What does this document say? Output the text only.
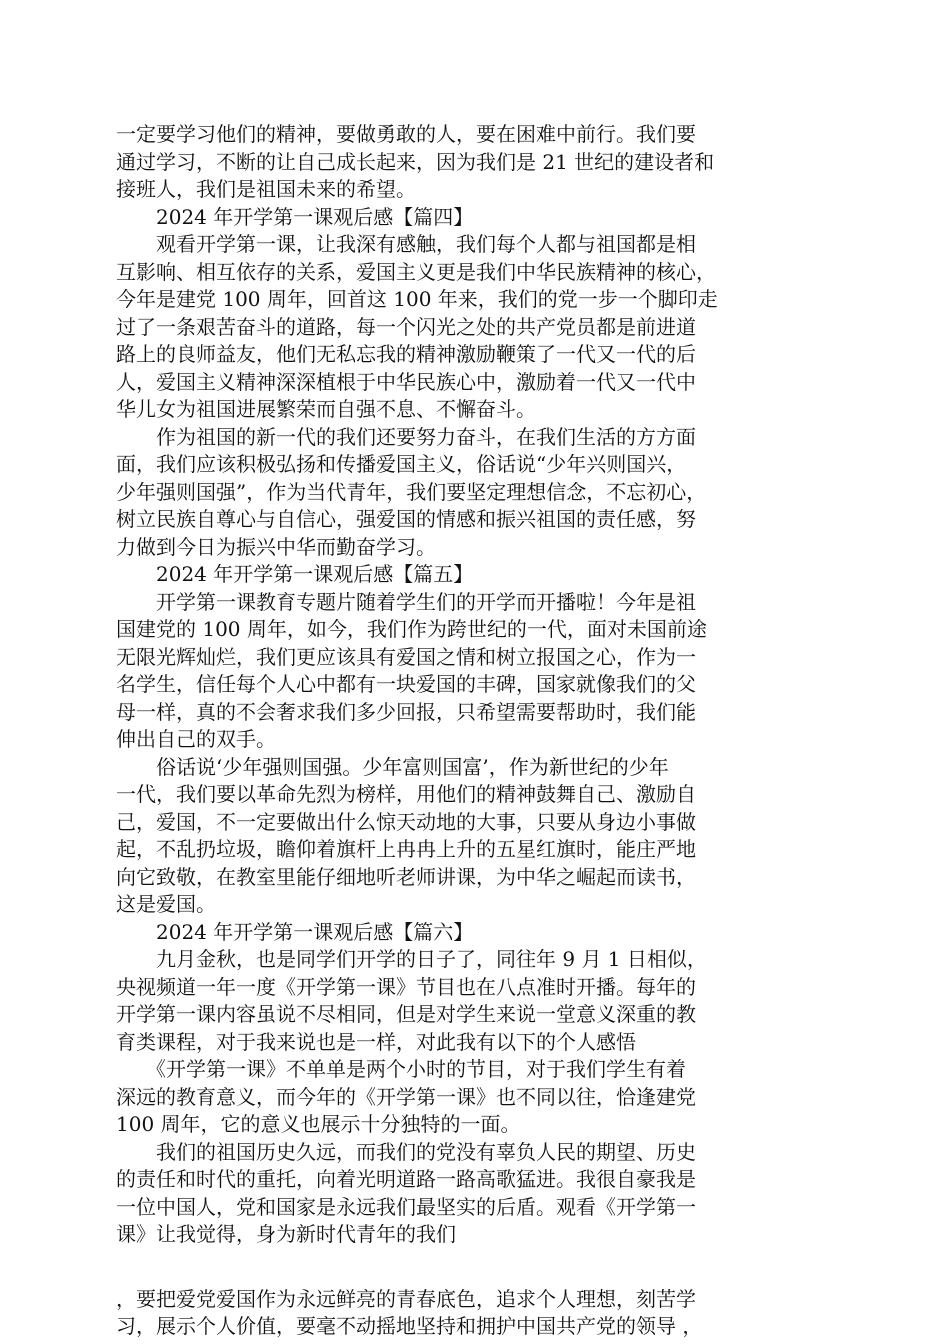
一定要学习他们的精神，要做勇敢的人，要在困难中前行。我们要
通过学习，不断的让自己成长起来，因为我们是 21 世纪的建设者和
接班人，我们是祖国未来的希望。
　　2024 年开学第一课观后感【篇四】
　　观看开学第一课，让我深有感触，我们每个人都与祖国都是相
互影响、相互依存的关系，爱国主义更是我们中华民族精神的核心，
今年是建党 100 周年，回首这 100 年来，我们的党一步一个脚印走
过了一条艰苦奋斗的道路，每一个闪光之处的共产党员都是前进道
路上的良师益友，他们无私忘我的精神激励鞭策了一代又一代的后
人，爱国主义精神深深植根于中华民族心中，激励着一代又一代中
华儿女为祖国进展繁荣而自强不息、不懈奋斗。
　　作为祖国的新一代的我们还要努力奋斗，在我们生活的方方面
面，我们应该积极弘扬和传播爱国主义，俗话说“少年兴则国兴，
少年强则国强”，作为当代青年，我们要坚定理想信念，不忘初心，
树立民族自尊心与自信心，强爱国的情感和振兴祖国的责任感，努
力做到今日为振兴中华而勤奋学习。
　　2024 年开学第一课观后感【篇五】
　　开学第一课教育专题片随着学生们的开学而开播啦！今年是祖
国建党的 100 周年，如今，我们作为跨世纪的一代，面对未国前途
无限光辉灿烂，我们更应该具有爱国之情和树立报国之心，作为一
名学生，信任每个人心中都有一块爱国的丰碑，国家就像我们的父
母一样，真的不会奢求我们多少回报，只希望需要帮助时，我们能
伸出自己的双手。
　　俗话说‘少年强则国强。少年富则国富’，作为新世纪的少年
一代，我们要以革命先烈为榜样，用他们的精神鼓舞自己、激励自
己，爱国，不一定要做出什么惊天动地的大事，只要从身边小事做
起，不乱扔垃圾，瞻仰着旗杆上冉冉上升的五星红旗时，能庄严地
向它致敬，在教室里能仔细地听老师讲课，为中华之崛起而读书，
这是爱国。
　　2024 年开学第一课观后感【篇六】
　　九月金秋，也是同学们开学的日子了，同往年 9 月 1 日相似，
央视频道一年一度《开学第一课》节目也在八点准时开播。每年的
开学第一课内容虽说不尽相同，但是对学生来说一堂意义深重的教
育类课程，对于我来说也是一样，对此我有以下的个人感悟
　　《开学第一课》不单单是两个小时的节目，对于我们学生有着
深远的教育意义，而今年的《开学第一课》也不同以往，恰逢建党
100 周年，它的意义也展示十分独特的一面。
　　我们的祖国历史久远，而我们的党没有辜负人民的期望、历史
的责任和时代的重托，向着光明道路一路高歌猛进。我很自豪我是
一位中国人，党和国家是永远我们最坚实的后盾。观看《开学第一
课》让我觉得，身为新时代青年的我们
，要把爱党爱国作为永远鲜亮的青春底色，追求个人理想，刻苦学
习，展示个人价值，要毫不动摇地坚持和拥护中国共产党的领导 ，
